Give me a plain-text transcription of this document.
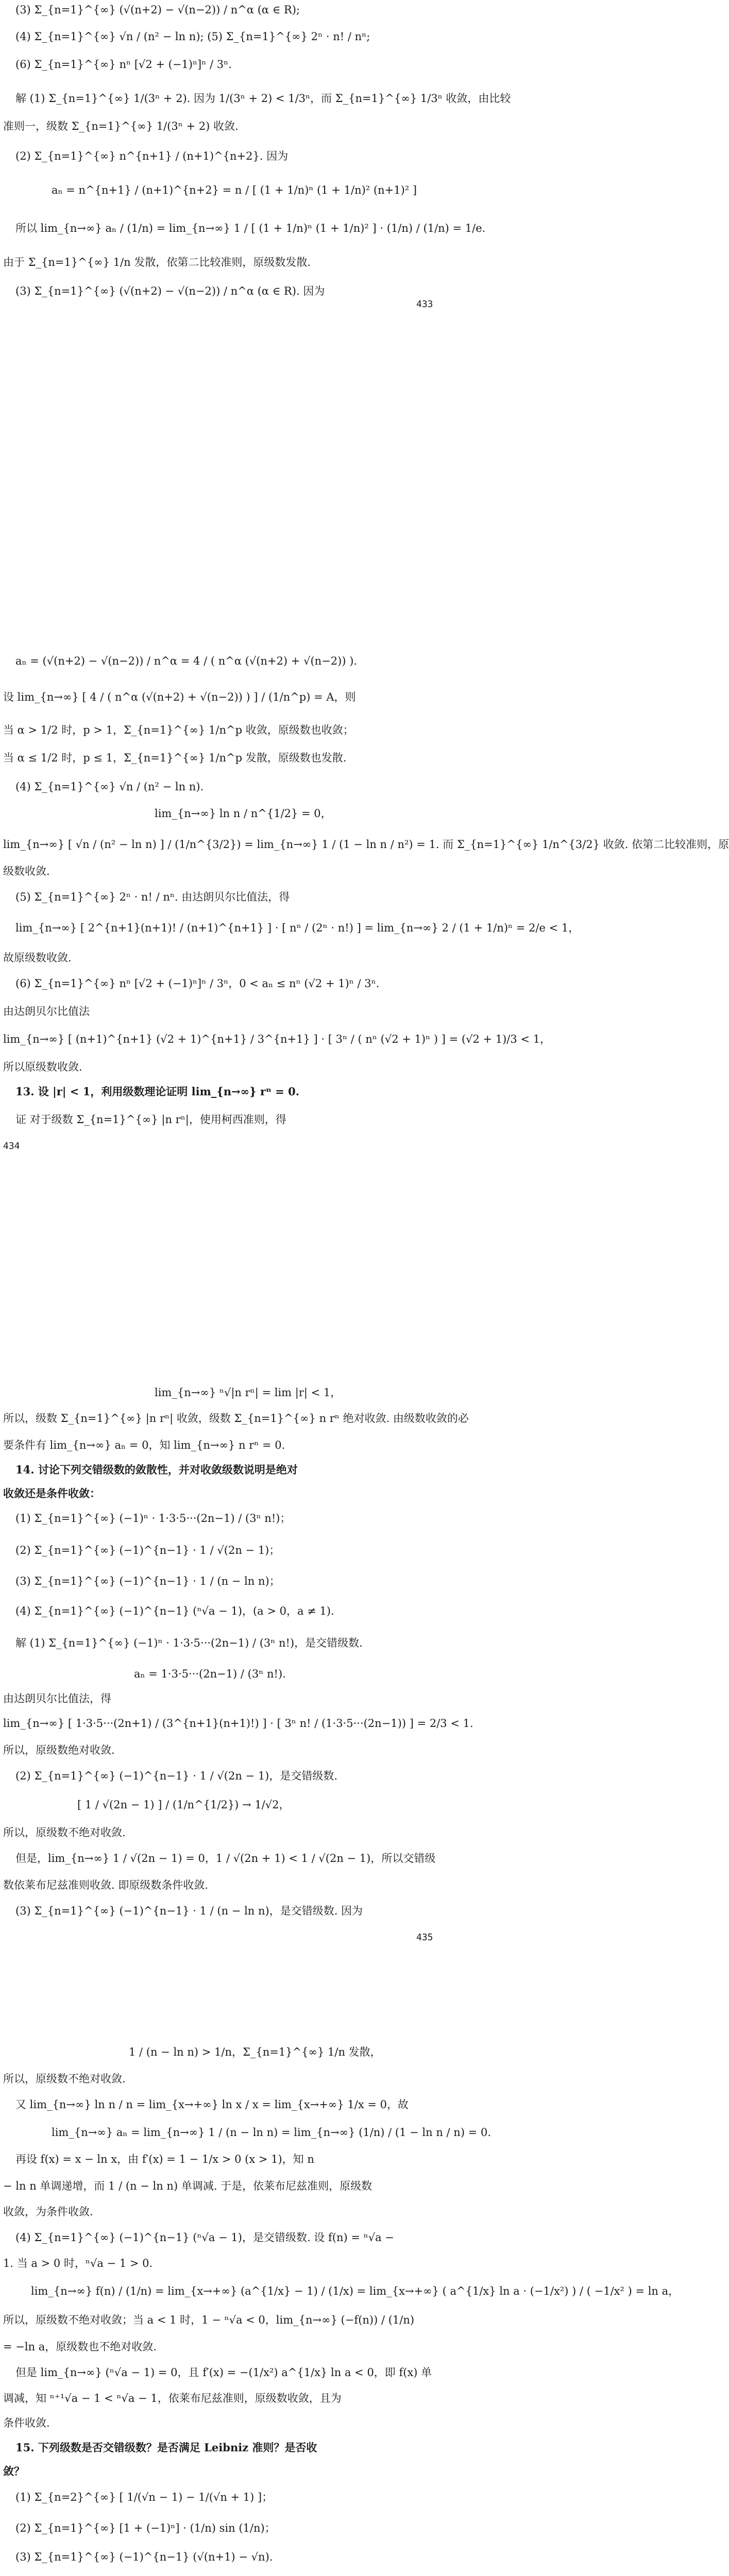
(3) Σ_{n=1}^{∞} (√(n+2) − √(n−2)) / n^α (α ∈ R);
(4) Σ_{n=1}^{∞} √n / (n² − ln n); (5) Σ_{n=1}^{∞} 2ⁿ · n! / nⁿ;
(6) Σ_{n=1}^{∞} nⁿ [√2 + (−1)ⁿ]ⁿ / 3ⁿ.
解 (1) Σ_{n=1}^{∞} 1/(3ⁿ + 2). 因为 1/(3ⁿ + 2) < 1/3ⁿ，而 Σ_{n=1}^{∞} 1/3ⁿ 收敛，由比较
准则一，级数 Σ_{n=1}^{∞} 1/(3ⁿ + 2) 收敛.
(2) Σ_{n=1}^{∞} n^{n+1} / (n+1)^{n+2}. 因为
aₙ = n^{n+1} / (n+1)^{n+2} = n / [ (1 + 1/n)ⁿ (1 + 1/n)² (n+1)² ]
所以 lim_{n→∞} aₙ / (1/n) = lim_{n→∞} 1 / [ (1 + 1/n)ⁿ (1 + 1/n)² ] · (1/n) / (1/n) = 1/e.
由于 Σ_{n=1}^{∞} 1/n 发散，依第二比较准则，原级数发散.
(3) Σ_{n=1}^{∞} (√(n+2) − √(n−2)) / n^α (α ∈ R). 因为
433
aₙ = (√(n+2) − √(n−2)) / n^α = 4 / ( n^α (√(n+2) + √(n−2)) ).
设 lim_{n→∞} [ 4 / ( n^α (√(n+2) + √(n−2)) ) ] / (1/n^p) = A，则
当 α > 1/2 时，p > 1，Σ_{n=1}^{∞} 1/n^p 收敛，原级数也收敛；
当 α ≤ 1/2 时，p ≤ 1，Σ_{n=1}^{∞} 1/n^p 发散，原级数也发散.
(4) Σ_{n=1}^{∞} √n / (n² − ln n).
lim_{n→∞} ln n / n^{1/2} = 0，
lim_{n→∞} [ √n / (n² − ln n) ] / (1/n^{3/2}) = lim_{n→∞} 1 / (1 − ln n / n²) = 1. 而 Σ_{n=1}^{∞} 1/n^{3/2} 收敛. 依第二比较准则，原
级数收敛.
(5) Σ_{n=1}^{∞} 2ⁿ · n! / nⁿ. 由达朗贝尔比值法，得
lim_{n→∞} [ 2^{n+1}(n+1)! / (n+1)^{n+1} ] · [ nⁿ / (2ⁿ · n!) ] = lim_{n→∞} 2 / (1 + 1/n)ⁿ = 2/e < 1，
故原级数收敛.
(6) Σ_{n=1}^{∞} nⁿ [√2 + (−1)ⁿ]ⁿ / 3ⁿ，0 < aₙ ≤ nⁿ (√2 + 1)ⁿ / 3ⁿ.
由达朗贝尔比值法
lim_{n→∞} [ (n+1)^{n+1} (√2 + 1)^{n+1} / 3^{n+1} ] · [ 3ⁿ / ( nⁿ (√2 + 1)ⁿ ) ] = (√2 + 1)/3 < 1，
所以原级数收敛.
13. 设 |r| < 1，利用级数理论证明 lim_{n→∞} rⁿ = 0.
证 对于级数 Σ_{n=1}^{∞} |n rⁿ|，使用柯西准则，得
434
lim_{n→∞} ⁿ√|n rⁿ| = lim |r| < 1，
所以，级数 Σ_{n=1}^{∞} |n rⁿ| 收敛，级数 Σ_{n=1}^{∞} n rⁿ 绝对收敛. 由级数收敛的必
要条件有 lim_{n→∞} aₙ = 0，知 lim_{n→∞} n rⁿ = 0.
14. 讨论下列交错级数的敛散性，并对收敛级数说明是绝对
收敛还是条件收敛：
(1) Σ_{n=1}^{∞} (−1)ⁿ · 1·3·5···(2n−1) / (3ⁿ n!)；
(2) Σ_{n=1}^{∞} (−1)^{n−1} · 1 / √(2n − 1)；
(3) Σ_{n=1}^{∞} (−1)^{n−1} · 1 / (n − ln n)；
(4) Σ_{n=1}^{∞} (−1)^{n−1} (ⁿ√a − 1)，(a > 0，a ≠ 1).
解 (1) Σ_{n=1}^{∞} (−1)ⁿ · 1·3·5···(2n−1) / (3ⁿ n!)，是交错级数.
aₙ = 1·3·5···(2n−1) / (3ⁿ n!).
由达朗贝尔比值法，得
lim_{n→∞} [ 1·3·5···(2n+1) / (3^{n+1}(n+1)!) ] · [ 3ⁿ n! / (1·3·5···(2n−1)) ] = 2/3 < 1.
所以，原级数绝对收敛.
(2) Σ_{n=1}^{∞} (−1)^{n−1} · 1 / √(2n − 1)，是交错级数.
[ 1 / √(2n − 1) ] / (1/n^{1/2}) → 1/√2，
所以，原级数不绝对收敛.
但是，lim_{n→∞} 1 / √(2n − 1) = 0，1 / √(2n + 1) < 1 / √(2n − 1)，所以交错级
数依莱布尼兹准则收敛. 即原级数条件收敛.
(3) Σ_{n=1}^{∞} (−1)^{n−1} · 1 / (n − ln n)，是交错级数. 因为
435
1 / (n − ln n) > 1/n，Σ_{n=1}^{∞} 1/n 发散，
所以，原级数不绝对收敛.
又 lim_{n→∞} ln n / n = lim_{x→+∞} ln x / x = lim_{x→+∞} 1/x = 0，故
lim_{n→∞} aₙ = lim_{n→∞} 1 / (n − ln n) = lim_{n→∞} (1/n) / (1 − ln n / n) = 0.
再设 f(x) = x − ln x，由 f′(x) = 1 − 1/x > 0 (x > 1)，知 n
− ln n 单调递增，而 1 / (n − ln n) 单调减. 于是，依莱布尼兹准则，原级数
收敛，为条件收敛.
(4) Σ_{n=1}^{∞} (−1)^{n−1} (ⁿ√a − 1)，是交错级数. 设 f(n) = ⁿ√a −
1. 当 a > 0 时，ⁿ√a − 1 > 0.
lim_{n→∞} f(n) / (1/n) = lim_{x→+∞} (a^{1/x} − 1) / (1/x) = lim_{x→+∞} ( a^{1/x} ln a · (−1/x²) ) / ( −1/x² ) = ln a，
所以，原级数不绝对收敛；当 a < 1 时，1 − ⁿ√a < 0，lim_{n→∞} (−f(n)) / (1/n)
= −ln a，原级数也不绝对收敛.
但是 lim_{n→∞} (ⁿ√a − 1) = 0，且 f′(x) = −(1/x²) a^{1/x} ln a < 0，即 f(x) 单
调减，知 ⁿ⁺¹√a − 1 < ⁿ√a − 1，依莱布尼兹准则，原级数收敛，且为
条件收敛.
15. 下列级数是否交错级数？是否满足 Leibniz 准则？是否收
敛？
(1) Σ_{n=2}^{∞} [ 1/(√n − 1) − 1/(√n + 1) ]；
(2) Σ_{n=1}^{∞} [1 + (−1)ⁿ] · (1/n) sin (1/n)；
(3) Σ_{n=1}^{∞} (−1)^{n−1} (√(n+1) − √n).
